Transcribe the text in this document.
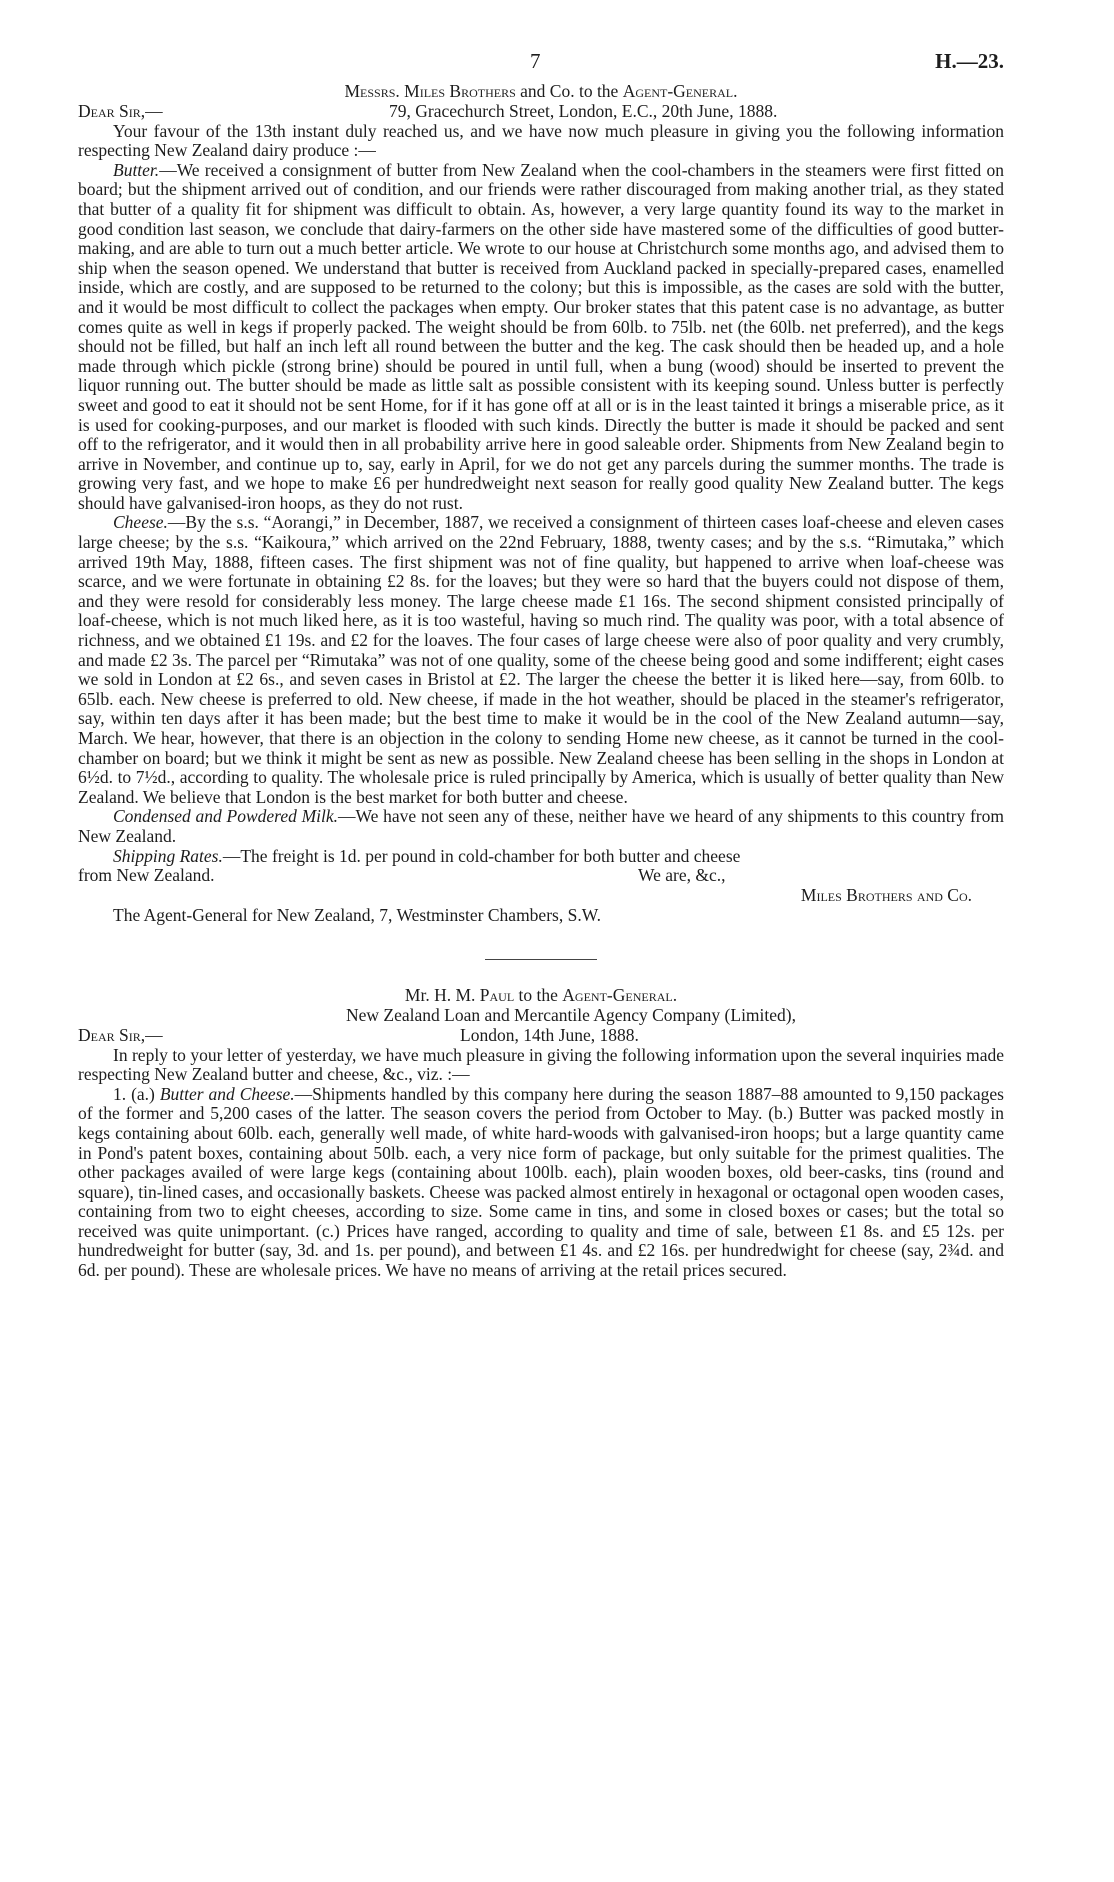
7	H.—23.

Messrs. Miles Brothers and Co. to the Agent-General.

Dear Sir,—	79, Gracechurch Street, London, E.C., 20th June, 1888.

Your favour of the 13th instant duly reached us, and we have now much pleasure in giving you the following information respecting New Zealand dairy produce :—

Butter.—We received a consignment of butter from New Zealand when the cool-chambers in the steamers were first fitted on board; but the shipment arrived out of condition, and our friends were rather discouraged from making another trial, as they stated that butter of a quality fit for shipment was difficult to obtain. As, however, a very large quantity found its way to the market in good condition last season, we conclude that dairy-farmers on the other side have mastered some of the difficulties of good butter-making, and are able to turn out a much better article. We wrote to our house at Christchurch some months ago, and advised them to ship when the season opened. We understand that butter is received from Auckland packed in specially-prepared cases, enamelled inside, which are costly, and are supposed to be returned to the colony; but this is impossible, as the cases are sold with the butter, and it would be most difficult to collect the packages when empty. Our broker states that this patent case is no advantage, as butter comes quite as well in kegs if properly packed. The weight should be from 60lb. to 75lb. net (the 60lb. net preferred), and the kegs should not be filled, but half an inch left all round between the butter and the keg. The cask should then be headed up, and a hole made through which pickle (strong brine) should be poured in until full, when a bung (wood) should be inserted to prevent the liquor running out. The butter should be made as little salt as possible consistent with its keeping sound. Unless butter is perfectly sweet and good to eat it should not be sent Home, for if it has gone off at all or is in the least tainted it brings a miserable price, as it is used for cooking-purposes, and our market is flooded with such kinds. Directly the butter is made it should be packed and sent off to the refrigerator, and it would then in all probability arrive here in good saleable order. Shipments from New Zealand begin to arrive in November, and continue up to, say, early in April, for we do not get any parcels during the summer months. The trade is growing very fast, and we hope to make £6 per hundredweight next season for really good quality New Zealand butter. The kegs should have galvanised-iron hoops, as they do not rust.

Cheese.—By the s.s. “Aorangi,” in December, 1887, we received a consignment of thirteen cases loaf-cheese and eleven cases large cheese; by the s.s. “Kaikoura,” which arrived on the 22nd February, 1888, twenty cases; and by the s.s. “Rimutaka,” which arrived 19th May, 1888, fifteen cases. The first shipment was not of fine quality, but happened to arrive when loaf-cheese was scarce, and we were fortunate in obtaining £2 8s. for the loaves; but they were so hard that the buyers could not dispose of them, and they were resold for considerably less money. The large cheese made £1 16s. The second shipment consisted principally of loaf-cheese, which is not much liked here, as it is too wasteful, having so much rind. The quality was poor, with a total absence of richness, and we obtained £1 19s. and £2 for the loaves. The four cases of large cheese were also of poor quality and very crumbly, and made £2 3s. The parcel per “Rimutaka” was not of one quality, some of the cheese being good and some indifferent; eight cases we sold in London at £2 6s., and seven cases in Bristol at £2. The larger the cheese the better it is liked here—say, from 60lb. to 65lb. each. New cheese is preferred to old. New cheese, if made in the hot weather, should be placed in the steamer's refrigerator, say, within ten days after it has been made; but the best time to make it would be in the cool of the New Zealand autumn—say, March. We hear, however, that there is an objection in the colony to sending Home new cheese, as it cannot be turned in the cool-chamber on board; but we think it might be sent as new as possible. New Zealand cheese has been selling in the shops in London at 6½d. to 7½d., according to quality. The wholesale price is ruled principally by America, which is usually of better quality than New Zealand. We believe that London is the best market for both butter and cheese.

Condensed and Powdered Milk.—We have not seen any of these, neither have we heard of any shipments to this country from New Zealand.

Shipping Rates.—The freight is 1d. per pound in cold-chamber for both butter and cheese

from New Zealand.	We are, &c.,

Miles Brothers and Co.

The Agent-General for New Zealand, 7, Westminster Chambers, S.W.

Mr. H. M. Paul to the Agent-General.

New Zealand Loan and Mercantile Agency Company (Limited),

Dear Sir,—	London, 14th June, 1888.

In reply to your letter of yesterday, we have much pleasure in giving the following information upon the several inquiries made respecting New Zealand butter and cheese, &c., viz. :—

1. (a.) Butter and Cheese.—Shipments handled by this company here during the season 1887–88 amounted to 9,150 packages of the former and 5,200 cases of the latter. The season covers the period from October to May. (b.) Butter was packed mostly in kegs containing about 60lb. each, generally well made, of white hard-woods with galvanised-iron hoops; but a large quantity came in Pond's patent boxes, containing about 50lb. each, a very nice form of package, but only suitable for the primest qualities. The other packages availed of were large kegs (containing about 100lb. each), plain wooden boxes, old beer-casks, tins (round and square), tin-lined cases, and occasionally baskets. Cheese was packed almost entirely in hexagonal or octagonal open wooden cases, containing from two to eight cheeses, according to size. Some came in tins, and some in closed boxes or cases; but the total so received was quite unimportant. (c.) Prices have ranged, according to quality and time of sale, between £1 8s. and £5 12s. per hundredweight for butter (say, 3d. and 1s. per pound), and between £1 4s. and £2 16s. per hundredwight for cheese (say, 2¾d. and 6d. per pound). These are wholesale prices. We have no means of arriving at the retail prices secured.
